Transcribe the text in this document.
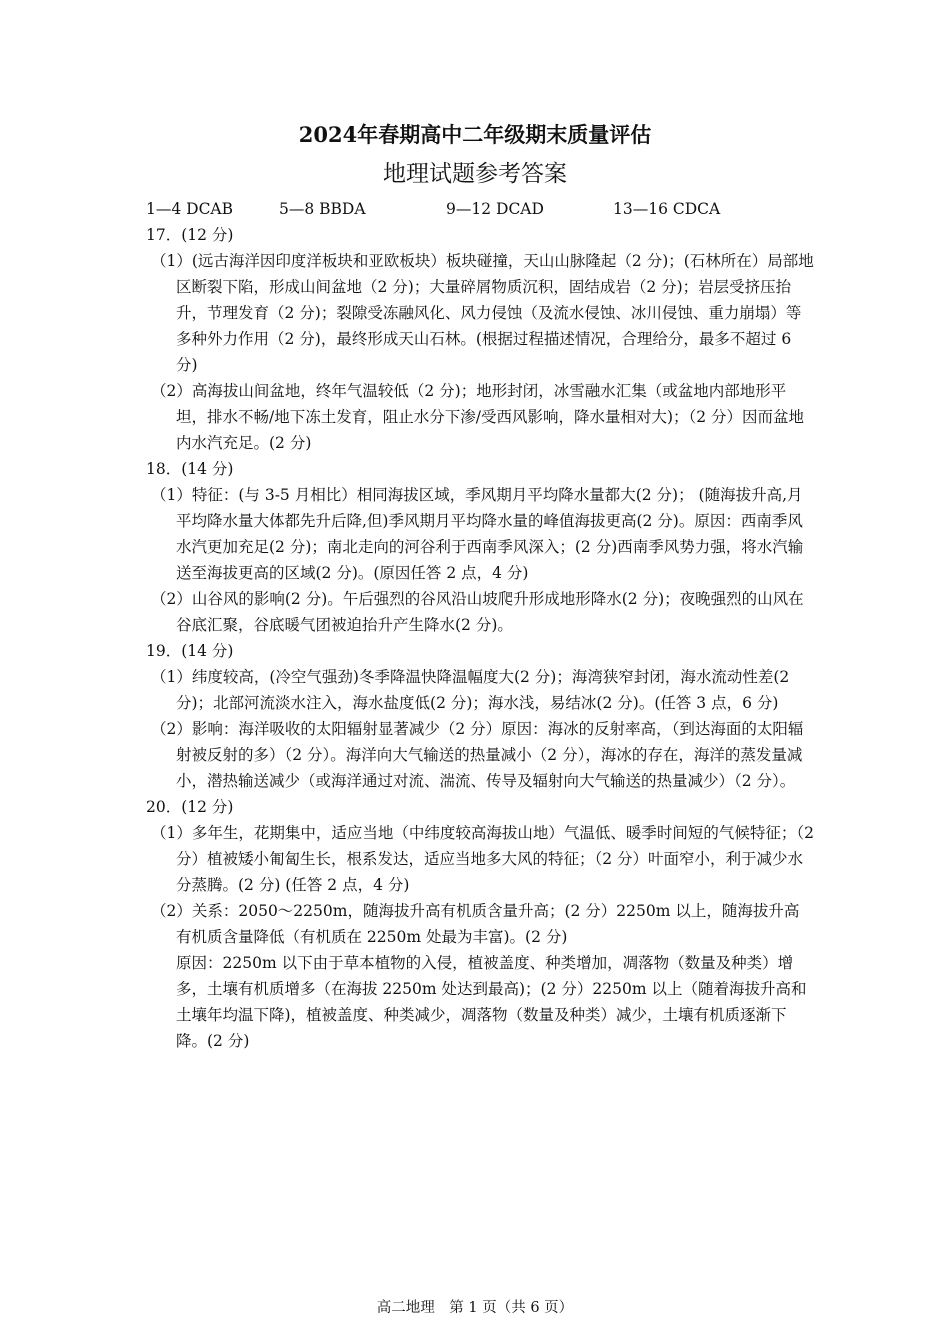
2024年春期高中二年级期末质量评估
地理试题参考答案
1—4 DCAB	5—8 BBDA	9—12 DCAD	13—16 CDCA

17．(12 分)

（1）(远古海洋因印度洋板块和亚欧板块）板块碰撞，天山山脉隆起（2 分)；(石林所在）局部地区断裂下陷，形成山间盆地（2 分)；大量碎屑物质沉积，固结成岩（2 分)；岩层受挤压抬升，节理发育（2 分)；裂隙受冻融风化、风力侵蚀（及流水侵蚀、冰川侵蚀、重力崩塌）等多种外力作用（2 分)，最终形成天山石林。(根据过程描述情况，合理给分，最多不超过 6 分)

（2）高海拔山间盆地，终年气温较低（2 分)；地形封闭，冰雪融水汇集（或盆地内部地形平坦，排水不畅/地下冻土发育，阻止水分下渗/受西风影响，降水量相对大)；（2 分）因而盆地内水汽充足。(2 分)

18．(14 分)

（1）特征：(与 3-5 月相比）相同海拔区域，季风期月平均降水量都大(2 分)； (随海拔升高,月平均降水量大体都先升后降,但)季风期月平均降水量的峰值海拔更高(2 分)。原因：西南季风水汽更加充足(2 分)；南北走向的河谷利于西南季风深入；(2 分)西南季风势力强，将水汽输送至海拔更高的区域(2 分)。(原因任答 2 点，4 分)

（2）山谷风的影响(2 分)。午后强烈的谷风沿山坡爬升形成地形降水(2 分)；夜晚强烈的山风在谷底汇聚，谷底暖气团被迫抬升产生降水(2 分)。

19．(14 分)

（1）纬度较高，(冷空气强劲)冬季降温快降温幅度大(2 分)；海湾狭窄封闭，海水流动性差(2 分)；北部河流淡水注入，海水盐度低(2 分)；海水浅，易结冰(2 分)。(任答 3 点，6 分)

（2）影响：海洋吸收的太阳辐射显著减少（2 分）原因：海冰的反射率高，（到达海面的太阳辐射被反射的多）（2 分）。海洋向大气输送的热量减小（2 分），海冰的存在，海洋的蒸发量减小，潜热输送减少（或海洋通过对流、湍流、传导及辐射向大气输送的热量减少）（2 分）。

20．(12 分)

（1）多年生，花期集中，适应当地（中纬度较高海拔山地）气温低、暖季时间短的气候特征；（2 分）植被矮小匍匐生长，根系发达，适应当地多大风的特征；（2 分）叶面窄小，利于减少水分蒸腾。(2 分) (任答 2 点，4 分)

（2）关系：2050～2250m，随海拔升高有机质含量升高；(2 分）2250m 以上，随海拔升高有机质含量降低（有机质在 2250m 处最为丰富)。(2 分)

原因：2250m 以下由于草本植物的入侵，植被盖度、种类增加，凋落物（数量及种类）增多，土壤有机质增多（在海拔 2250m 处达到最高)；(2 分）2250m 以上（随着海拔升高和土壤年均温下降)，植被盖度、种类减少，凋落物（数量及种类）减少，土壤有机质逐渐下降。(2 分)

高二地理　第 1 页（共 6 页）
